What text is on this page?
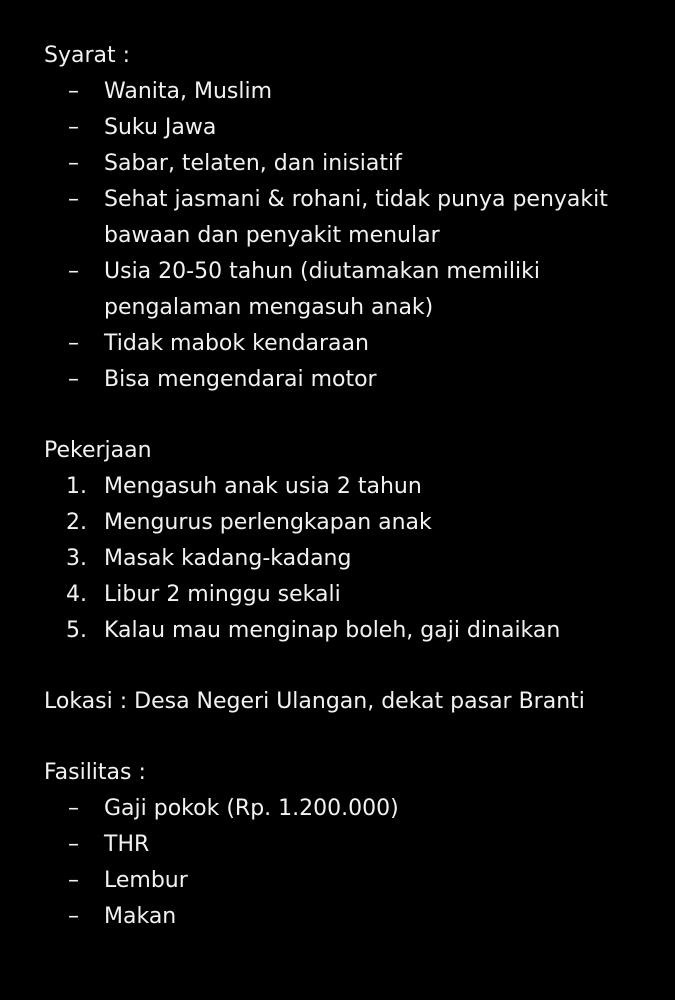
Syarat :
–	Wanita, Muslim
–	Suku Jawa
–	Sabar, telaten, dan inisiatif
–	Sehat jasmani & rohani, tidak punya penyakit bawaan dan penyakit menular
–	Usia 20-50 tahun (diutamakan memiliki pengalaman mengasuh anak)
–	Tidak mabok kendaraan
–	Bisa mengendarai motor
Pekerjaan
1. Mengasuh anak usia 2 tahun
2. Mengurus perlengkapan anak
3. Masak kadang-kadang
4. Libur 2 minggu sekali
5. Kalau mau menginap boleh, gaji dinaikan
Lokasi : Desa Negeri Ulangan, dekat pasar Branti
Fasilitas :
–	Gaji pokok (Rp. 1.200.000)
–	THR
–	Lembur
–	Makan
